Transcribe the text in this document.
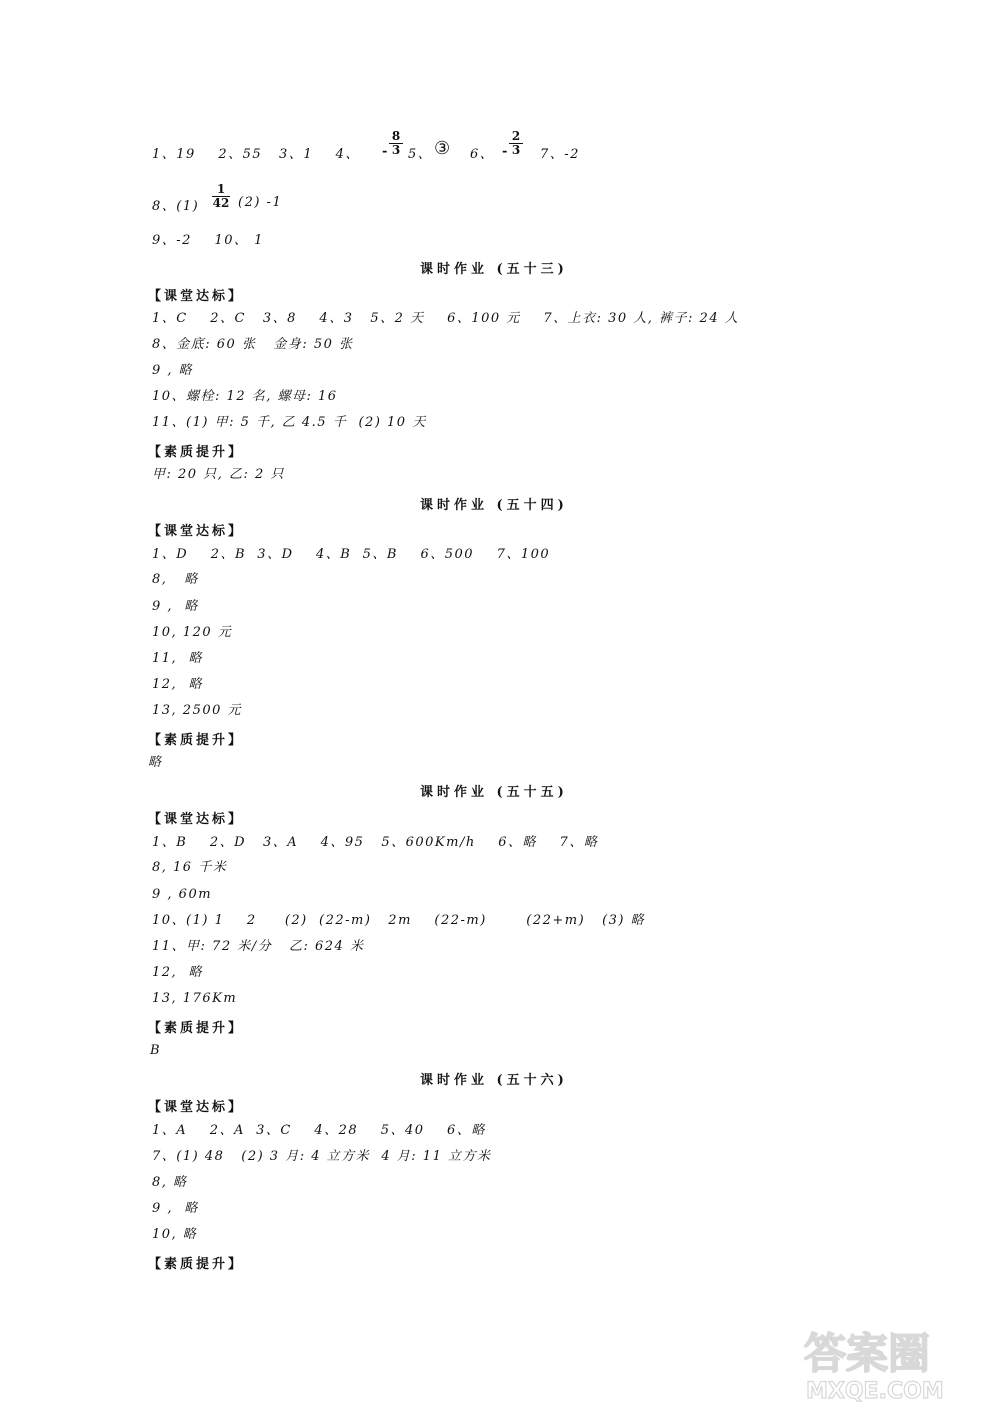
1、19    2、55   3、1    4、 -
8
3 5、 ③ 6、 -
2
3 7、-2
8、(1)
1
42 (2) -1
9、-2    10、 1
课时作业 (五十三)
【课堂达标】
1、C    2、C   3、8    4、3   5、2 天    6、100 元    7、上衣: 30 人, 裤子: 24 人
8、金底: 60 张   金身: 50 张
9 , 略
10、螺栓: 12 名, 螺母: 16
11、(1) 甲: 5 千, 乙 4.5 千  (2) 10 天
【素质提升】
甲: 20 只, 乙: 2 只
课时作业 (五十四)
【课堂达标】
1、D    2、B  3、D    4、B  5、B    6、500    7、100
8,   略
9 ,  略
10, 120 元
11,  略
12,  略
13, 2500 元
【素质提升】
略
课时作业 (五十五)
【课堂达标】
1、B    2、D   3、A    4、95   5、600Km/h    6、略    7、略
8, 16 千米
9 , 60m
10、(1) 1    2     (2)  (22-m)   2m    (22-m)       (22+m)   (3) 略
11、甲: 72 米/分   乙: 624 米
12,  略
13, 176Km
【素质提升】
B
课时作业 (五十六)
【课堂达标】
1、A    2、A  3、C    4、28    5、40    6、略
7、(1) 48   (2) 3 月: 4 立方米  4 月: 11 立方米
8, 略
9 ,  略
10, 略
【素质提升】
答案圈
MXQE.COM
